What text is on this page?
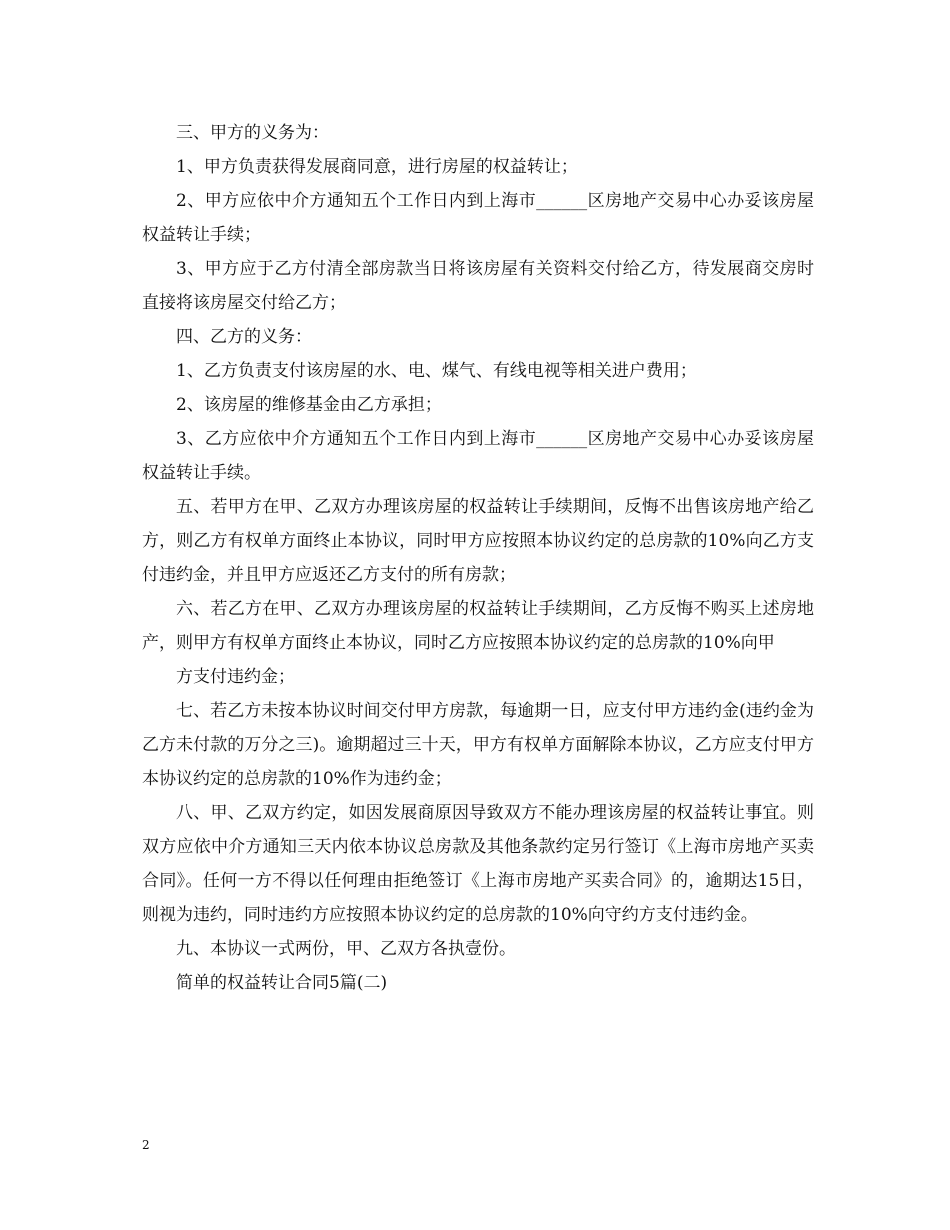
三、甲方的义务为：

1、甲方负责获得发展商同意，进行房屋的权益转让；

2、甲方应依中介方通知五个工作日内到上海市______区房地产交易中心办妥该房屋权益转让手续；

3、甲方应于乙方付清全部房款当日将该房屋有关资料交付给乙方，待发展商交房时直接将该房屋交付给乙方；

四、乙方的义务：

1、乙方负责支付该房屋的水、电、煤气、有线电视等相关进户费用；

2、该房屋的维修基金由乙方承担；

3、乙方应依中介方通知五个工作日内到上海市______区房地产交易中心办妥该房屋权益转让手续。

五、若甲方在甲、乙双方办理该房屋的权益转让手续期间，反悔不出售该房地产给乙方，则乙方有权单方面终止本协议，同时甲方应按照本协议约定的总房款的10%向乙方支付违约金，并且甲方应返还乙方支付的所有房款；

六、若乙方在甲、乙双方办理该房屋的权益转让手续期间，乙方反悔不购买上述房地产，则甲方有权单方面终止本协议，同时乙方应按照本协议约定的总房款的10%向甲

方支付违约金；

七、若乙方未按本协议时间交付甲方房款，每逾期一日，应支付甲方违约金(违约金为乙方未付款的万分之三)。逾期超过三十天，甲方有权单方面解除本协议，乙方应支付甲方本协议约定的总房款的10%作为违约金；

八、甲、乙双方约定，如因发展商原因导致双方不能办理该房屋的权益转让事宜。则双方应依中介方通知三天内依本协议总房款及其他条款约定另行签订《上海市房地产买卖合同》。任何一方不得以任何理由拒绝签订《上海市房地产买卖合同》的，逾期达15日，则视为违约，同时违约方应按照本协议约定的总房款的10%向守约方支付违约金。

九、本协议一式两份，甲、乙双方各执壹份。

简单的权益转让合同5篇(二)

2
